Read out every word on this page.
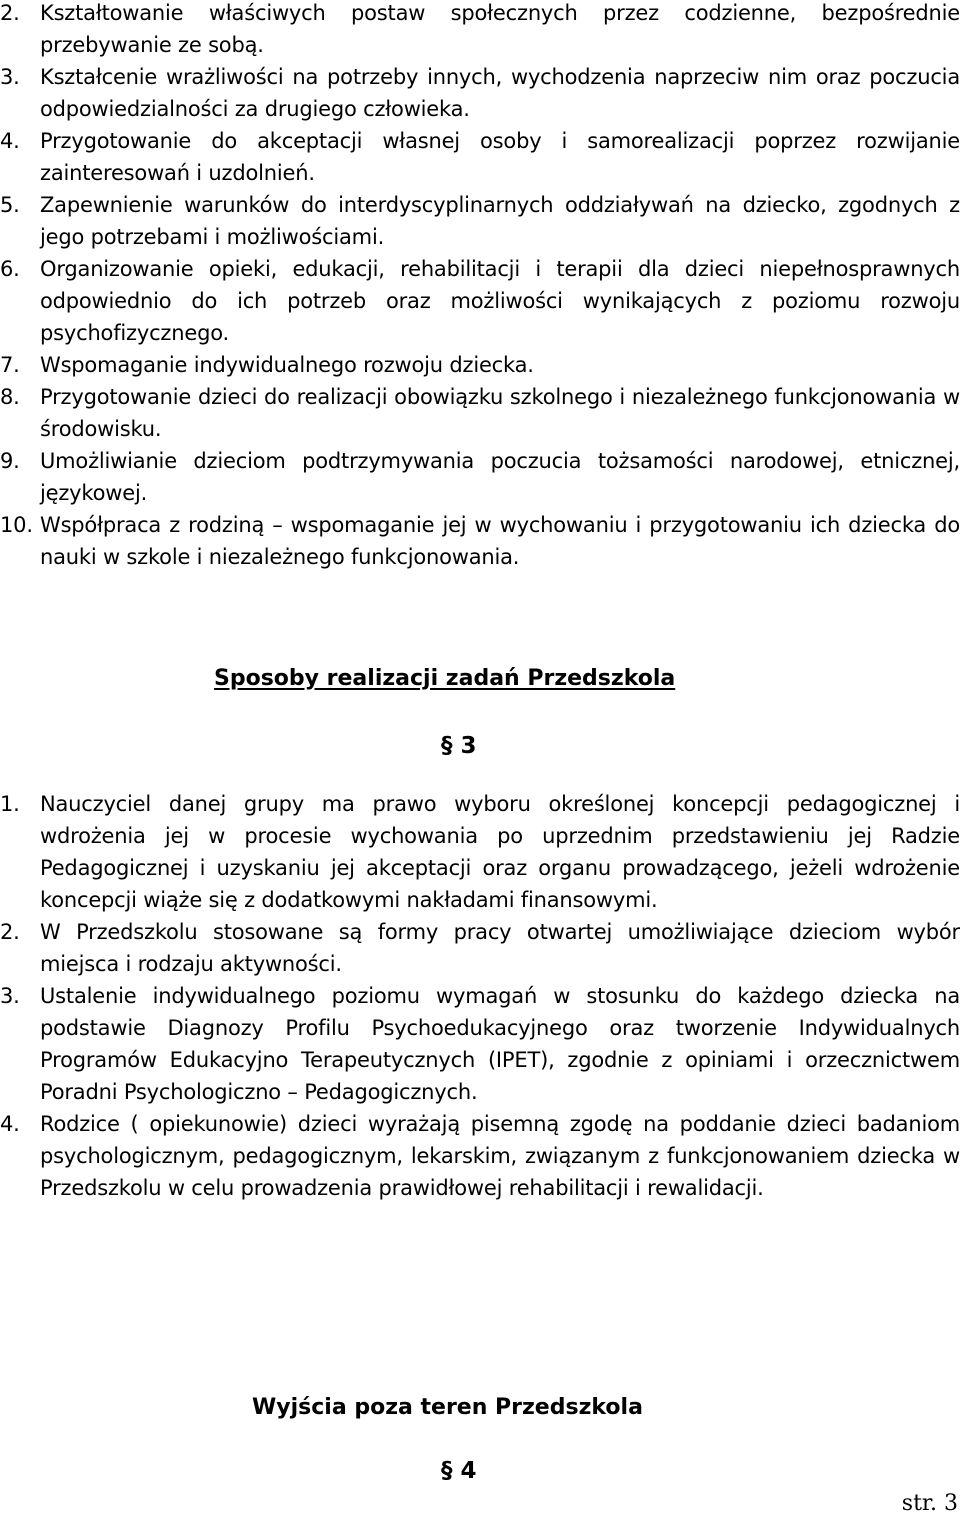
2. Kształtowanie właściwych postaw społecznych przez codzienne, bezpośrednie przebywanie ze sobą.
3. Kształcenie wrażliwości na potrzeby innych, wychodzenia naprzeciw nim oraz poczucia odpowiedzialności za drugiego człowieka.
4. Przygotowanie do akceptacji własnej osoby i samorealizacji poprzez rozwijanie zainteresowań i uzdolnień.
5. Zapewnienie warunków do interdyscyplinarnych oddziaływań na dziecko, zgodnych z jego potrzebami i możliwościami.
6. Organizowanie opieki, edukacji, rehabilitacji i terapii dla dzieci niepełnosprawnych odpowiednio do ich potrzeb oraz możliwości wynikających z poziomu rozwoju psychofizycznego.
7. Wspomaganie indywidualnego rozwoju dziecka.
8. Przygotowanie dzieci do realizacji obowiązku szkolnego i niezależnego funkcjonowania w środowisku.
9. Umożliwianie dzieciom podtrzymywania poczucia tożsamości narodowej, etnicznej, językowej.
10. Współpraca z rodziną – wspomaganie jej w wychowaniu i przygotowaniu ich dziecka do nauki w szkole i niezależnego funkcjonowania.
Sposoby realizacji zadań Przedszkola
§ 3
1. Nauczyciel danej grupy ma prawo wyboru określonej koncepcji pedagogicznej i wdrożenia jej w procesie wychowania po uprzednim przedstawieniu jej Radzie Pedagogicznej i uzyskaniu jej akceptacji oraz organu prowadzącego, jeżeli wdrożenie koncepcji wiąże się z dodatkowymi nakładami finansowymi.
2. W Przedszkolu stosowane są formy pracy otwartej umożliwiające dzieciom wybór miejsca i rodzaju aktywności.
3. Ustalenie indywidualnego poziomu wymagań w stosunku do każdego dziecka na podstawie Diagnozy Profilu Psychoedukacyjnego oraz tworzenie Indywidualnych Programów Edukacyjno Terapeutycznych (IPET), zgodnie z opiniami i orzecznictwem Poradni Psychologiczno – Pedagogicznych.
4. Rodzice ( opiekunowie) dzieci wyrażają pisemną zgodę na poddanie dzieci badaniom psychologicznym, pedagogicznym, lekarskim, związanym z funkcjonowaniem dziecka w Przedszkolu w celu prowadzenia prawidłowej rehabilitacji i rewalidacji.
Wyjścia poza teren Przedszkola
§ 4
str. 3
